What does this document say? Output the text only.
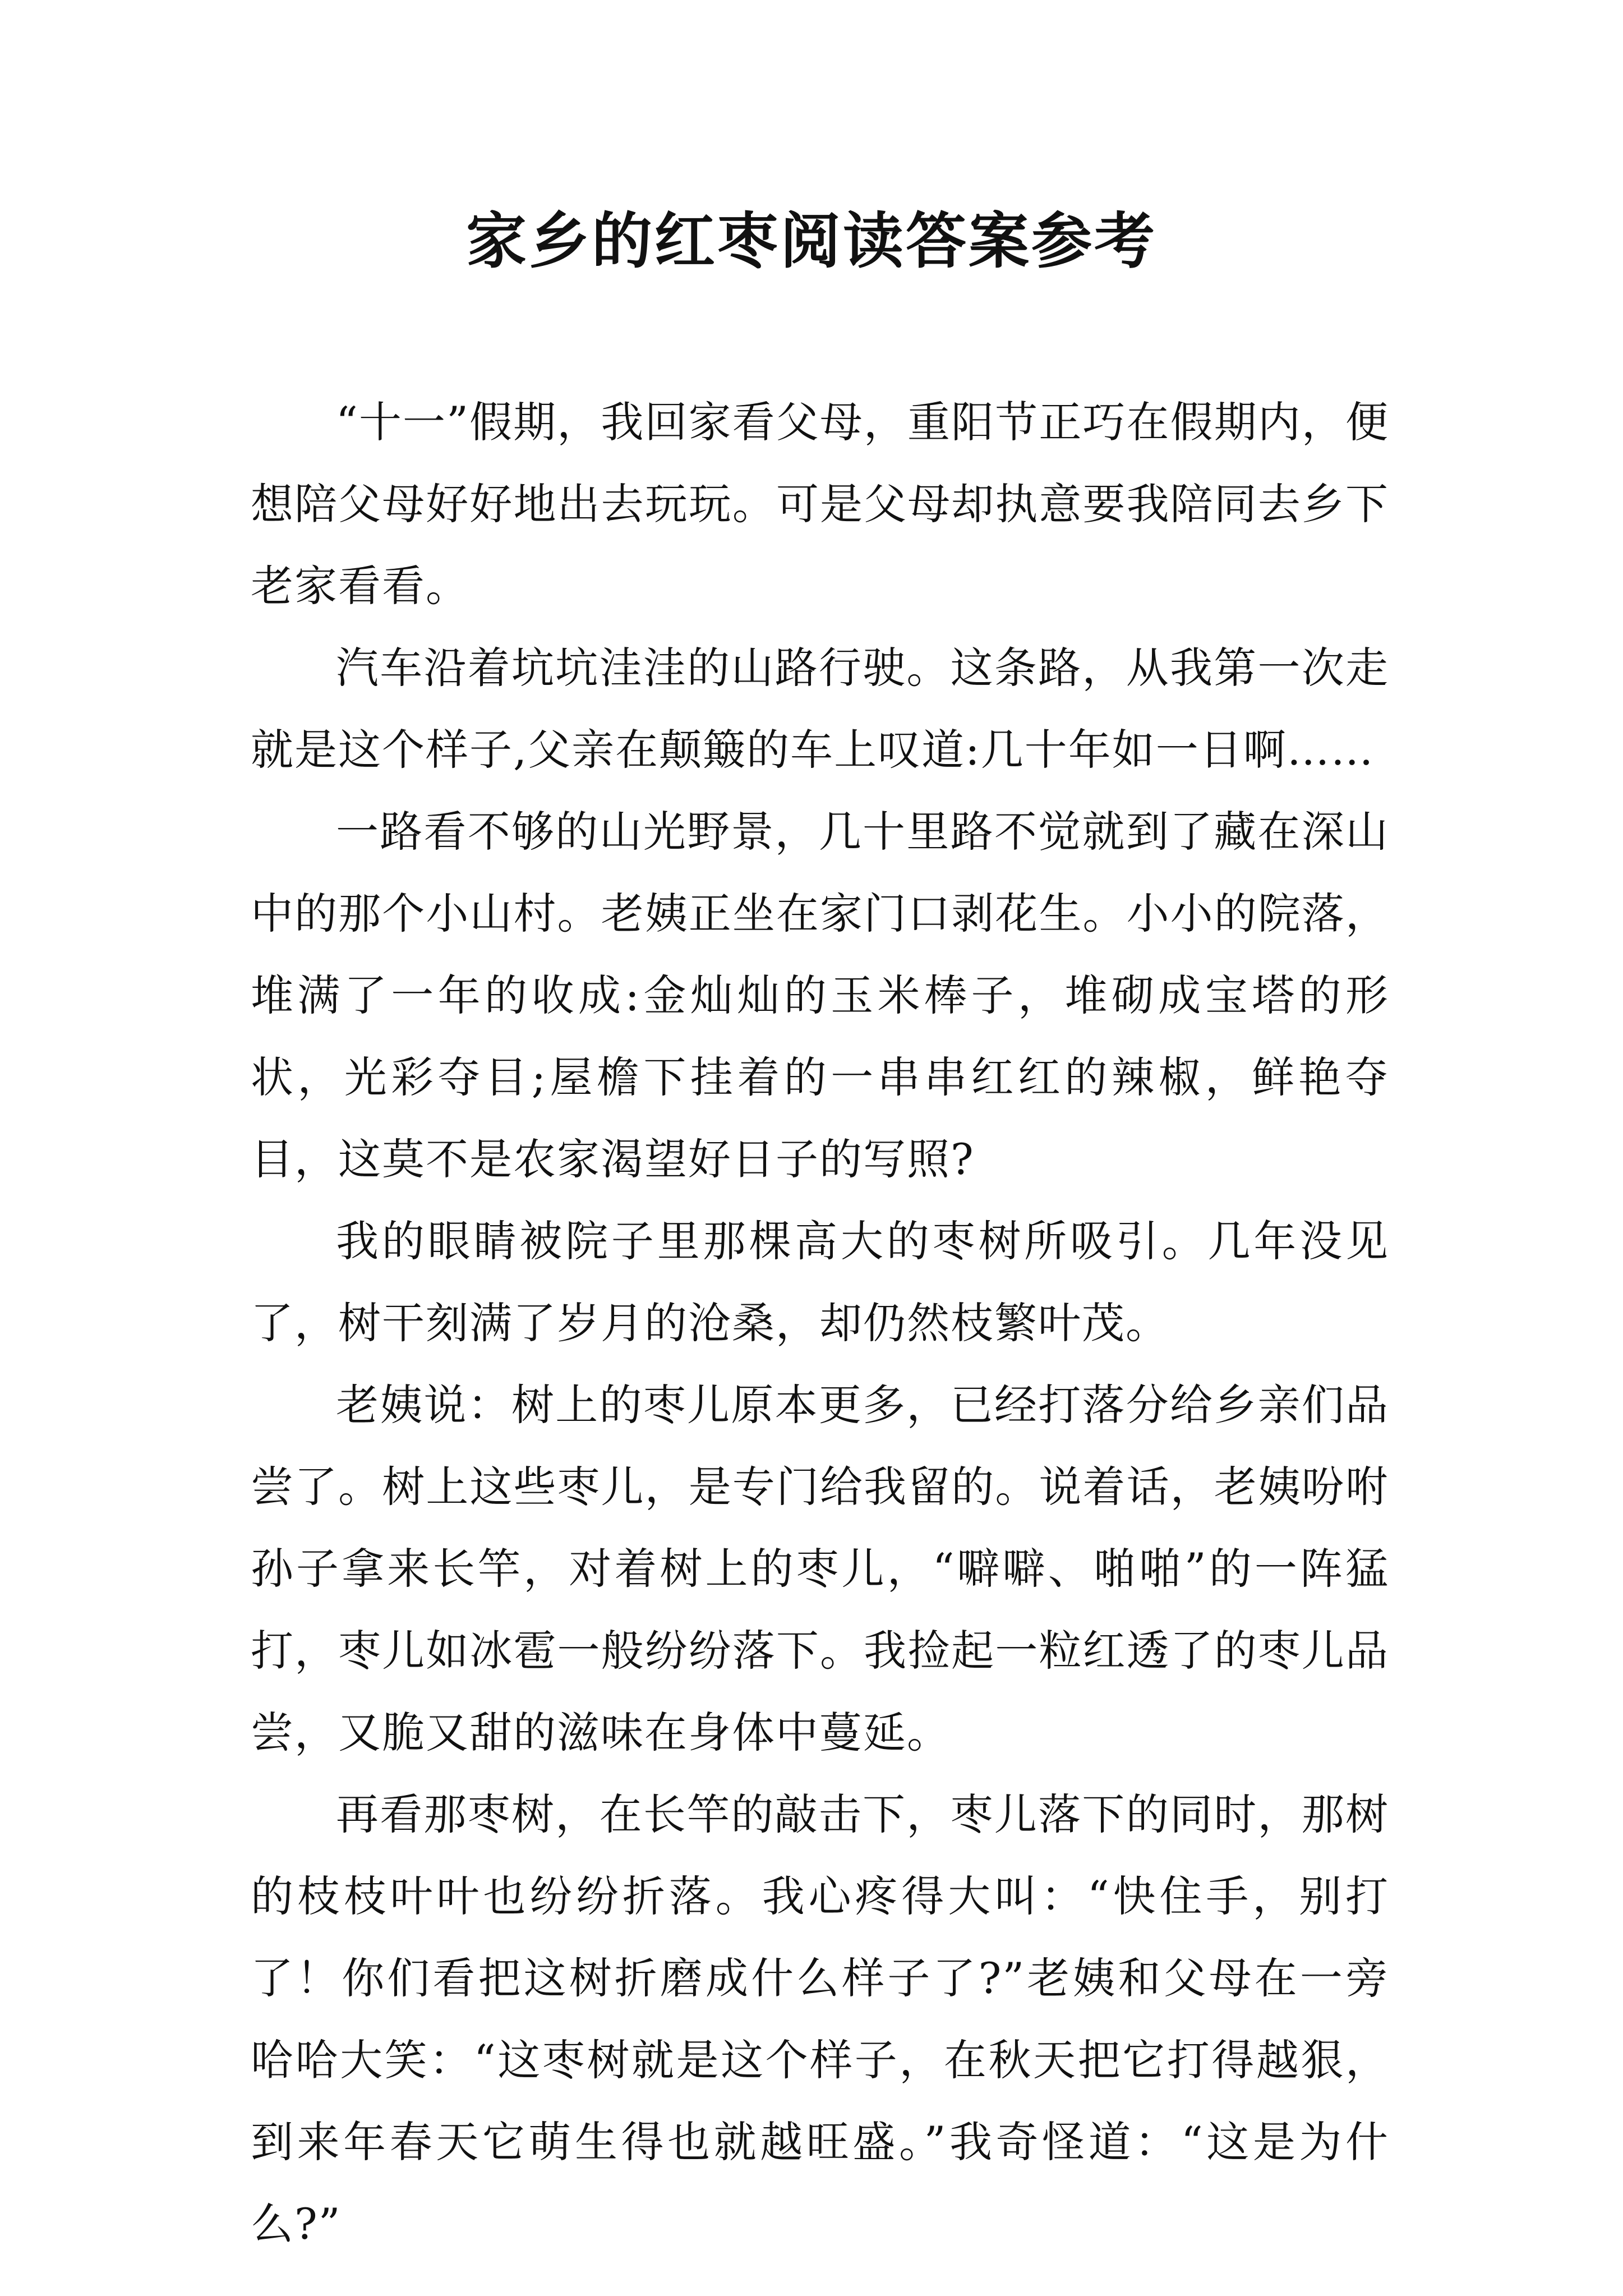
家乡的红枣阅读答案参考

“十一”假期，我回家看父母，重阳节正巧在假期内，便想陪父母好好地出去玩玩。可是父母却执意要我陪同去乡下老家看看。

汽车沿着坑坑洼洼的山路行驶。这条路，从我第一次走就是这个样子,父亲在颠簸的车上叹道:几十年如一日啊……

一路看不够的山光野景，几十里路不觉就到了藏在深山中的那个小山村。老姨正坐在家门口剥花生。小小的院落，堆满了一年的收成:金灿灿的玉米棒子，堆砌成宝塔的形状，光彩夺目;屋檐下挂着的一串串红红的辣椒，鲜艳夺目，这莫不是农家渴望好日子的写照?

我的眼睛被院子里那棵高大的枣树所吸引。几年没见了，树干刻满了岁月的沧桑，却仍然枝繁叶茂。

老姨说：树上的枣儿原本更多，已经打落分给乡亲们品尝了。树上这些枣儿，是专门给我留的。说着话，老姨吩咐孙子拿来长竿，对着树上的枣儿，“噼噼、啪啪”的一阵猛打，枣儿如冰雹一般纷纷落下。我捡起一粒红透了的枣儿品尝，又脆又甜的滋味在身体中蔓延。

再看那枣树，在长竿的敲击下，枣儿落下的同时，那树的枝枝叶叶也纷纷折落。我心疼得大叫：“快住手，别打了！你们看把这树折磨成什么样子了?”老姨和父母在一旁哈哈大笑：“这枣树就是这个样子，在秋天把它打得越狠，到来年春天它萌生得也就越旺盛。”我奇怪道：“这是为什么?”
